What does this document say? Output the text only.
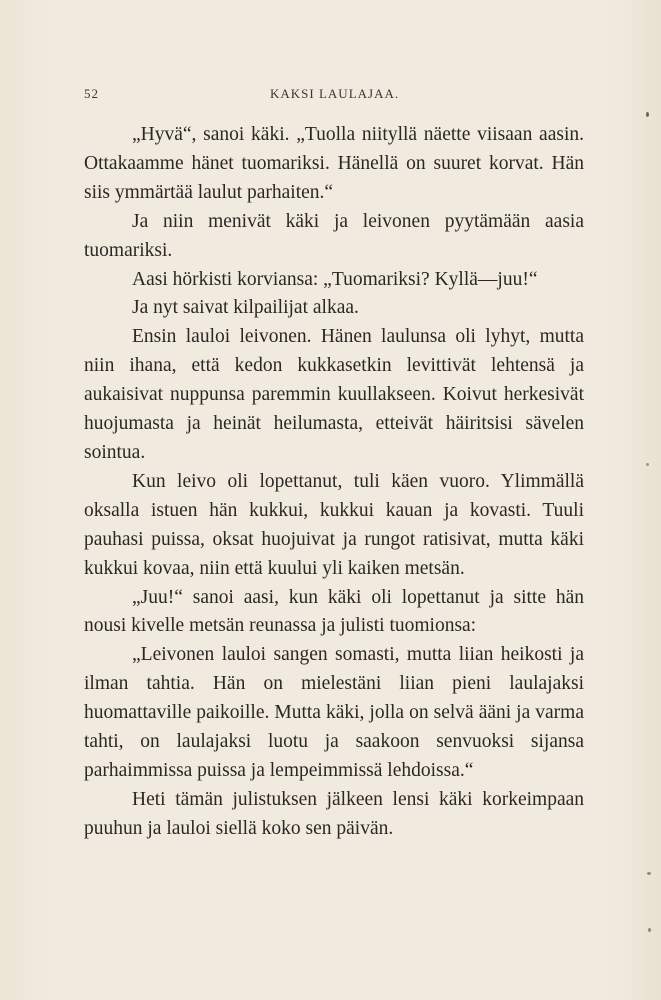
52	KAKSI LAULAJAA.

„Hyvä“, sanoi käki. „Tuolla niityllä näette viisaan aasin. Ottakaamme hänet tuomariksi. Hänellä on suuret korvat. Hän siis ymmärtää laulut parhaiten.“

Ja niin menivät käki ja leivonen pyytämään aasia tuomariksi.

Aasi hörkisti korviansa: „Tuomariksi? Kyllä—juu!“

Ja nyt saivat kilpailijat alkaa.

Ensin lauloi leivonen. Hänen laulunsa oli lyhyt, mutta niin ihana, että kedon kukkasetkin levittivät lehtensä ja aukaisivat nuppunsa paremmin kuullakseen. Koivut herkesivät huojumasta ja heinät heilumasta, etteivät häiritsisi sävelen sointua.

Kun leivo oli lopettanut, tuli käen vuoro. Ylimmällä oksalla istuen hän kukkui, kukkui kauan ja kovasti. Tuuli pauhasi puissa, oksat huojuivat ja rungot ratisivat, mutta käki kukkui kovaa, niin että kuului yli kaiken metsän.

„Juu!“ sanoi aasi, kun käki oli lopettanut ja sitte hän nousi kivelle metsän reunassa ja julisti tuomionsa:

„Leivonen lauloi sangen somasti, mutta liian heikosti ja ilman tahtia. Hän on mielestäni liian pieni laulajaksi huomattaville paikoille. Mutta käki, jolla on selvä ääni ja varma tahti, on laulajaksi luotu ja saakoon senvuoksi sijansa parhaimmissa puissa ja lempeimmissä lehdoissa.“

Heti tämän julistuksen jälkeen lensi käki korkeimpaan puuhun ja lauloi siellä koko sen päivän.
